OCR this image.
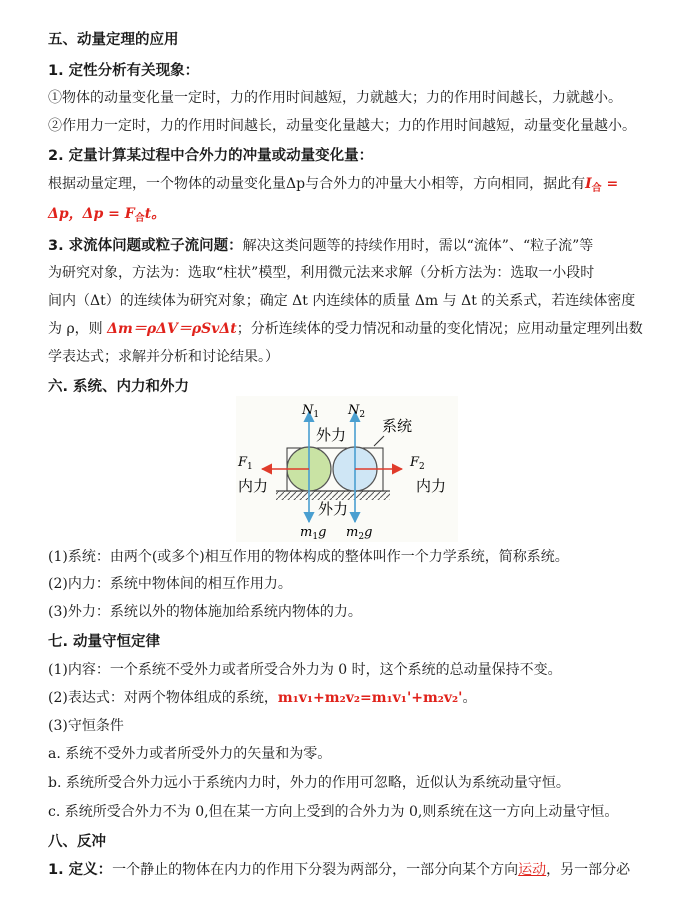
五、动量定理的应用
1. 定性分析有关现象：
①物体的动量变化量一定时，力的作用时间越短，力就越大；力的作用时间越长，力就越小。
②作用力一定时，力的作用时间越长，动量变化量越大；力的作用时间越短，动量变化量越小。
2. 定量计算某过程中合外力的冲量或动量变化量：
根据动量定理，一个物体的动量变化量Δp与合外力的冲量大小相等，方向相同，据此有$I_合$ =
Δp，$\Delta p = F_合t$。
3. 求流体问题或粒子流问题：解决这类问题等的持续作用时，需以“流体”、“粒子流”等
为研究对象，方法为：选取“柱状”模型，利用微元法来求解（分析方法为：选取一小段时
间内（Δt）的连续体为研究对象；确定 Δt 内连续体的质量 Δm 与 Δt 的关系式，若连续体密度
为 ρ，则 Δm＝ρΔV＝ρSvΔt；分析连续体的受力情况和动量的变化情况；应用动量定理列出数
学表达式；求解并分析和讨论结果。）
六. 系统、内力和外力
$N_1$ $N_2$
外力 系统
$F_1$	$F_2$
内力	内力
外力
$m_1g$ $m_2g$
(1)系统：由两个(或多个)相互作用的物体构成的整体叫作一个力学系统，简称系统。
(2)内力：系统中物体间的相互作用力。
(3)外力：系统以外的物体施加给系统内物体的力。
七. 动量守恒定律
(1)内容：一个系统不受外力或者所受合外力为 0 时，这个系统的总动量保持不变。
(2)表达式：对两个物体组成的系统，m₁v₁+m₂v₂=m₁v₁'+m₂v₂'。
(3)守恒条件
a. 系统不受外力或者所受外力的矢量和为零。
b. 系统所受合外力远小于系统内力时，外力的作用可忽略，近似认为系统动量守恒。
c. 系统所受合外力不为 0,但在某一方向上受到的合外力为 0,则系统在这一方向上动量守恒。
八、反冲
1. 定义：一个静止的物体在内力的作用下分裂为两部分，一部分向某个方向运动，另一部分必
